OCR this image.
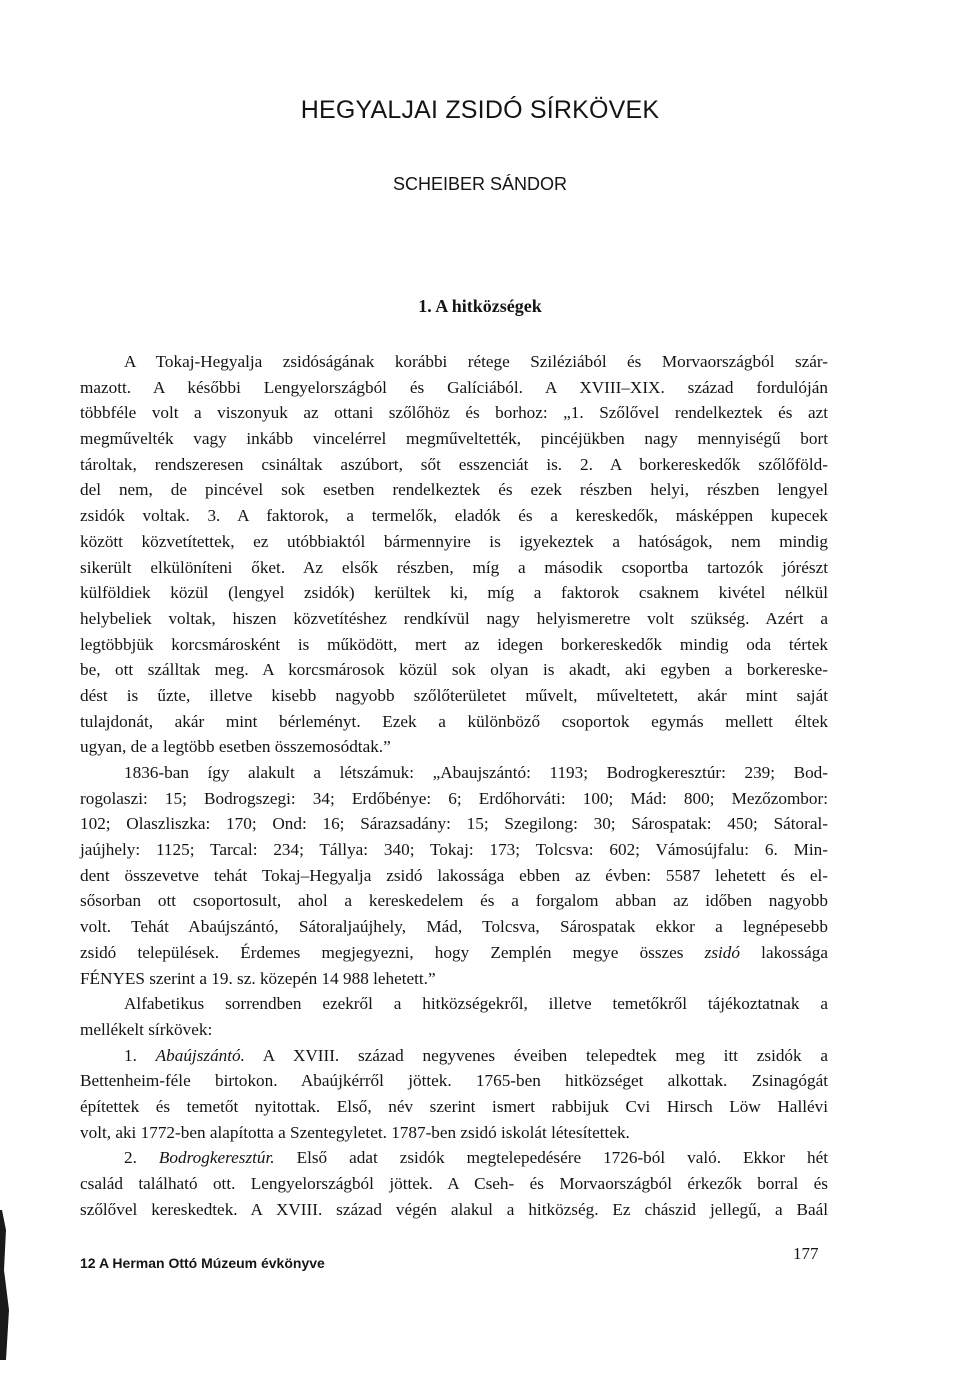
HEGYALJAI ZSIDÓ SÍRKÖVEK
SCHEIBER SÁNDOR
1. A hitközségek
A Tokaj-Hegyalja zsidóságának korábbi rétege Sziléziából és Morvaországból szár-
mazott. A későbbi Lengyelországból és Galíciából. A XVIII–XIX. század fordulóján
többféle volt a viszonyuk az ottani szőlőhöz és borhoz: „1. Szőlővel rendelkeztek és azt
megművelték vagy inkább vincelérrel megműveltették, pincéjükben nagy mennyiségű bort
tároltak, rendszeresen csináltak aszúbort, sőt esszenciát is. 2. A borkereskedők szőlőföld-
del nem, de pincével sok esetben rendelkeztek és ezek részben helyi, részben lengyel
zsidók voltak. 3. A faktorok, a termelők, eladók és a kereskedők, másképpen kupecek
között közvetítettek, ez utóbbiaktól bármennyire is igyekeztek a hatóságok, nem mindig
sikerült elkülöníteni őket. Az elsők részben, míg a második csoportba tartozók jórészt
külföldiek közül (lengyel zsidók) kerültek ki, míg a faktorok csaknem kivétel nélkül
helybeliek voltak, hiszen közvetítéshez rendkívül nagy helyismeretre volt szükség. Azért a
legtöbbjük korcsmárosként is működött, mert az idegen borkereskedők mindig oda tértek
be, ott szálltak meg. A korcsmárosok közül sok olyan is akadt, aki egyben a borkereske-
dést is űzte, illetve kisebb nagyobb szőlőterületet művelt, műveltetett, akár mint saját
tulajdonát, akár mint bérleményt. Ezek a különböző csoportok egymás mellett éltek
ugyan, de a legtöbb esetben összemosódtak.”
1836-ban így alakult a létszámuk: „Abaujszántó: 1193; Bodrogkeresztúr: 239; Bod-
rogolaszi: 15; Bodrogszegi: 34; Erdőbénye: 6; Erdőhorváti: 100; Mád: 800; Mezőzombor:
102; Olaszliszka: 170; Ond: 16; Sárazsadány: 15; Szegilong: 30; Sárospatak: 450; Sátoral-
jaújhely: 1125; Tarcal: 234; Tállya: 340; Tokaj: 173; Tolcsva: 602; Vámosújfalu: 6. Min-
dent összevetve tehát Tokaj–Hegyalja zsidó lakossága ebben az évben: 5587 lehetett és el-
sősorban ott csoportosult, ahol a kereskedelem és a forgalom abban az időben nagyobb
volt. Tehát Abaújszántó, Sátoraljaújhely, Mád, Tolcsva, Sárospatak ekkor a legnépesebb
zsidó települések. Érdemes megjegyezni, hogy Zemplén megye összes zsidó lakossága
FÉNYES szerint a 19. sz. közepén 14 988 lehetett.”
Alfabetikus sorrendben ezekről a hitközségekről, illetve temetőkről tájékoztatnak a
mellékelt sírkövek:
1. Abaújszántó. A XVIII. század negyvenes éveiben telepedtek meg itt zsidók a
Bettenheim-féle birtokon. Abaújkérről jöttek. 1765-ben hitközséget alkottak. Zsinagógát
építettek és temetőt nyitottak. Első, név szerint ismert rabbijuk Cvi Hirsch Löw Hallévi
volt, aki 1772-ben alapította a Szentegyletet. 1787-ben zsidó iskolát létesítettek.
2. Bodrogkeresztúr. Első adat zsidók megtelepedésére 1726-ból való. Ekkor hét
család található ott. Lengyelországból jöttek. A Cseh- és Morvaországból érkezők borral és
szőlővel kereskedtek. A XVIII. század végén alakul a hitközség. Ez chászid jellegű, a Baál
12 A Herman Ottó Múzeum évkönyve	177
